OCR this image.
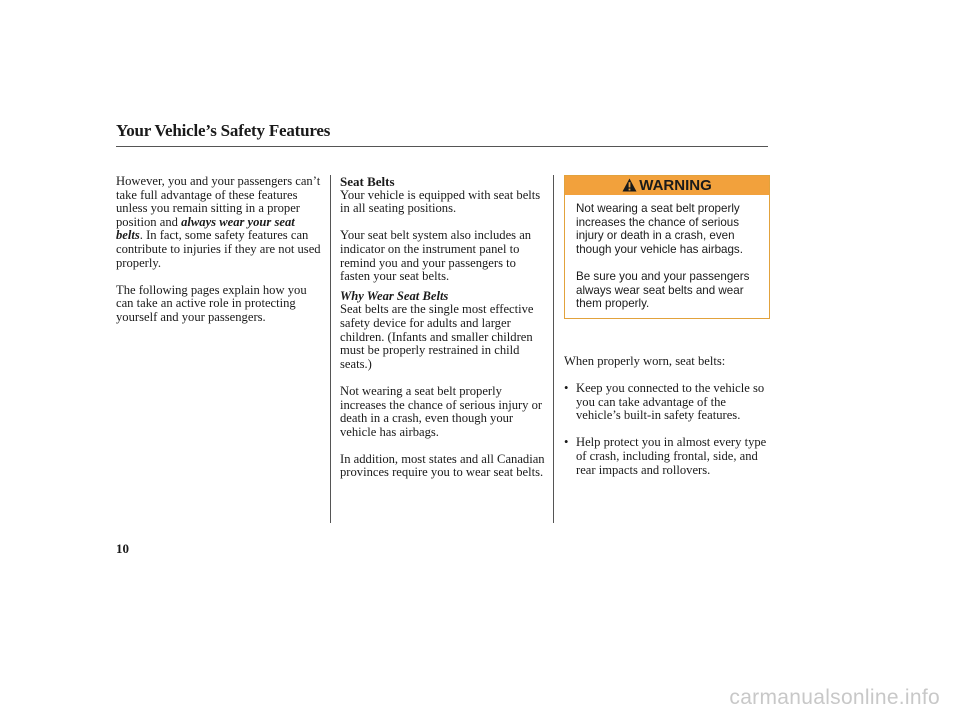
Your Vehicle’s Safety Features

However, you and your passengers can’t take full advantage of these features unless you remain sitting in a proper position and always wear your seat belts. In fact, some safety features can contribute to injuries if they are not used properly.

The following pages explain how you can take an active role in protecting yourself and your passengers.

Seat Belts

Your vehicle is equipped with seat belts in all seating positions.

Your seat belt system also includes an indicator on the instrument panel to remind you and your passengers to fasten your seat belts.

Why Wear Seat Belts

Seat belts are the single most effective safety device for adults and larger children. (Infants and smaller children must be properly restrained in child seats.)

Not wearing a seat belt properly increases the chance of serious injury or death in a crash, even though your vehicle has airbags.

In addition, most states and all Canadian provinces require you to wear seat belts.

WARNING

Not wearing a seat belt properly increases the chance of serious injury or death in a crash, even though your vehicle has airbags.

Be sure you and your passengers always wear seat belts and wear them properly.

When properly worn, seat belts:

• Keep you connected to the vehicle so you can take advantage of the vehicle’s built-in safety features.
• Help protect you in almost every type of crash, including frontal, side, and rear impacts and rollovers.
10
carmanualsonline.info
